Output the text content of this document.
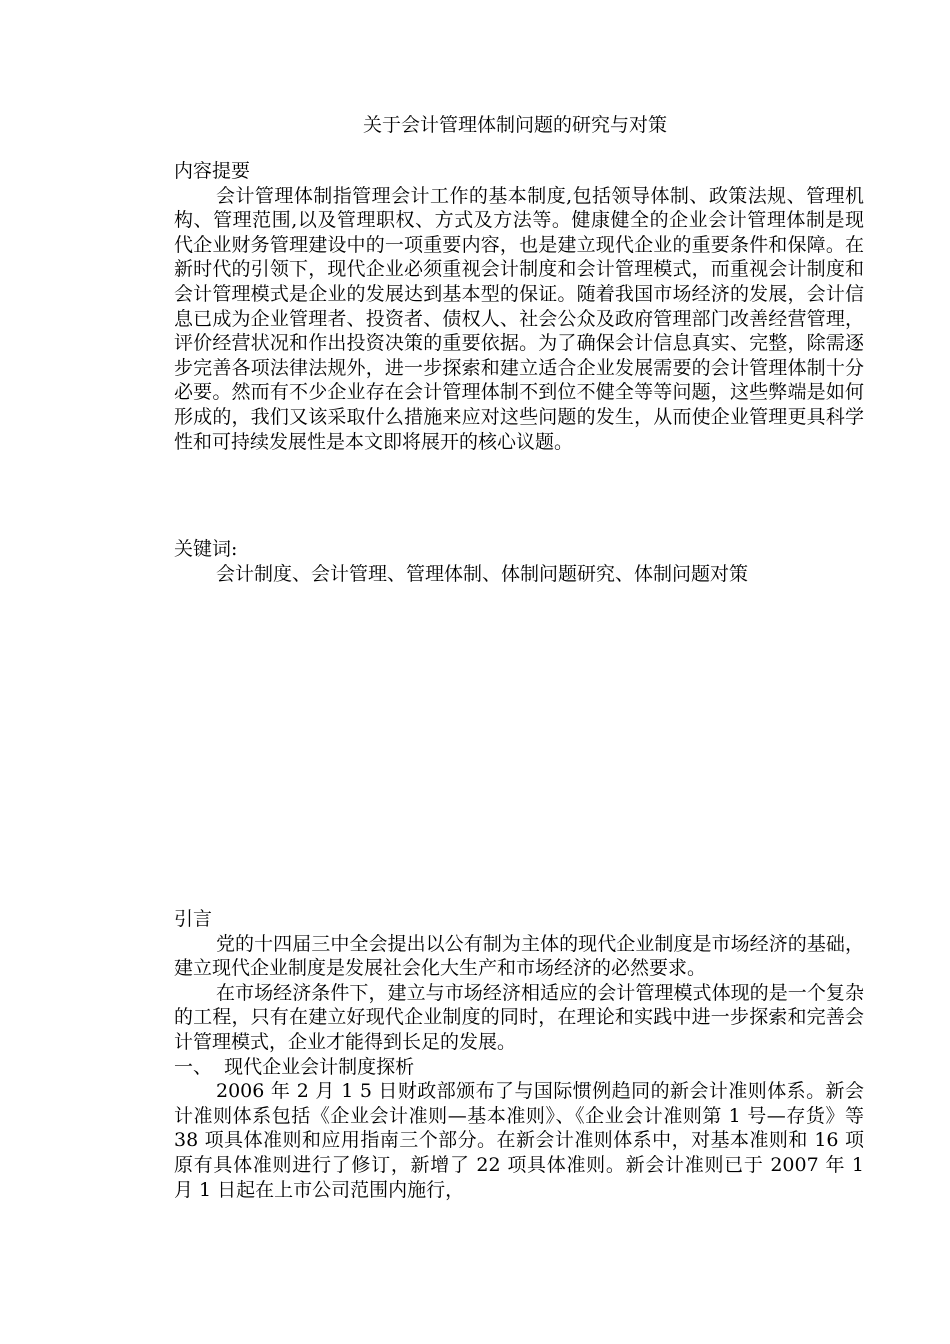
关于会计管理体制问题的研究与对策

内容提要

会计管理体制指管理会计工作的基本制度,包括领导体制、政策法规、管理机构、管理范围,以及管理职权、方式及方法等。健康健全的企业会计管理体制是现代企业财务管理建设中的一项重要内容，也是建立现代企业的重要条件和保障。在新时代的引领下，现代企业必须重视会计制度和会计管理模式，而重视会计制度和会计管理模式是企业的发展达到基本型的保证。随着我国市场经济的发展，会计信息已成为企业管理者、投资者、债权人、社会公众及政府管理部门改善经营管理，评价经营状况和作出投资决策的重要依据。为了确保会计信息真实、完整，除需逐步完善各项法律法规外，进一步探索和建立适合企业发展需要的会计管理体制十分必要。然而有不少企业存在会计管理体制不到位不健全等等问题，这些弊端是如何形成的，我们又该采取什么措施来应对这些问题的发生，从而使企业管理更具科学性和可持续发展性是本文即将展开的核心议题。

关键词:

会计制度、会计管理、管理体制、体制问题研究、体制问题对策

引言

党的十四届三中全会提出以公有制为主体的现代企业制度是市场经济的基础，建立现代企业制度是发展社会化大生产和市场经济的必然要求。

在市场经济条件下，建立与市场经济相适应的会计管理模式体现的是一个复杂的工程，只有在建立好现代企业制度的同时，在理论和实践中进一步探索和完善会计管理模式，企业才能得到长足的发展。

一、  现代企业会计制度探析

2006 年 2 月 1 5 日财政部颁布了与国际惯例趋同的新会计准则体系。新会计准则体系包括《企业会计准则—基本准则》、《企业会计准则第 1 号—存货》等 38 项具体准则和应用指南三个部分。在新会计准则体系中，对基本准则和 16 项原有具体准则进行了修订，新增了 22 项具体准则。新会计准则已于 2007 年 1 月 1 日起在上市公司范围内施行，
